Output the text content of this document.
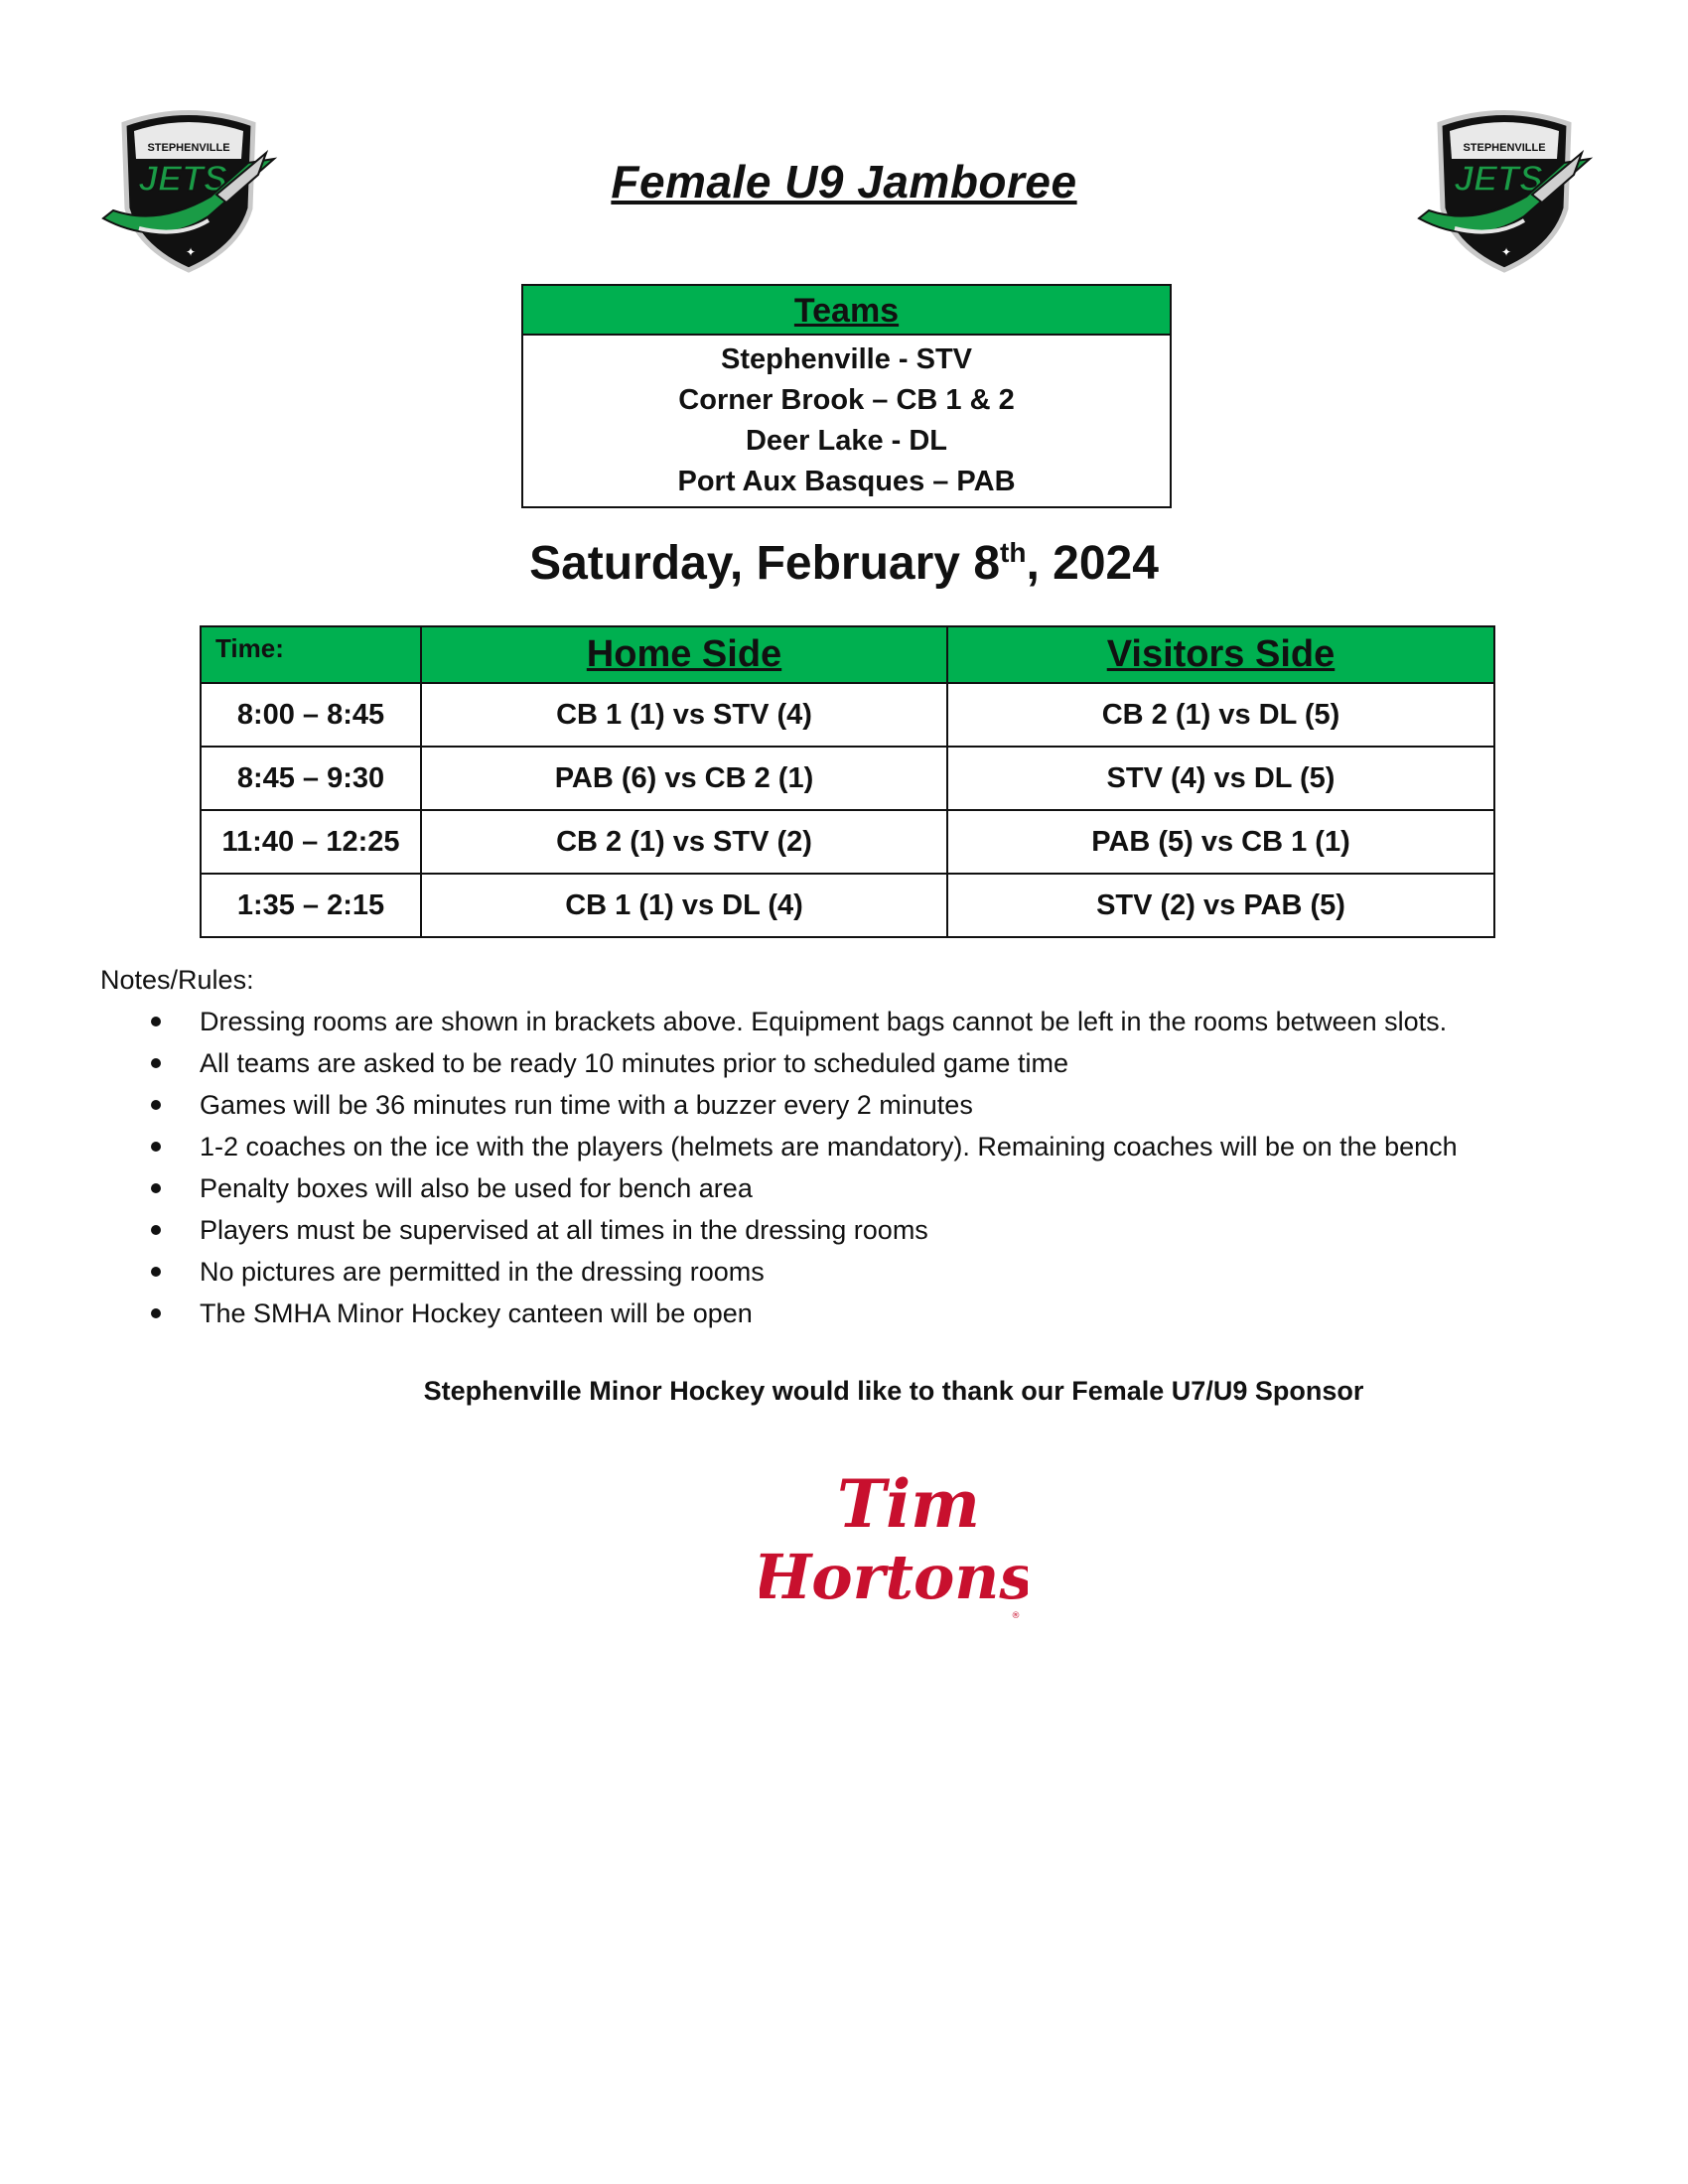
STEPHENVILLE
JETS
✦
STEPHENVILLE
JETS
✦
Female U9 Jamboree
Teams
Stephenville - STV
Corner Brook – CB 1 & 2
Deer Lake - DL
Port Aux Basques – PAB
Saturday, February 8th, 2024
Time:	Home Side	Visitors Side
8:00 – 8:45	CB 1 (1) vs STV (4)	CB 2 (1) vs DL (5)
8:45 – 9:30	PAB (6) vs CB 2 (1)	STV (4) vs DL (5)
11:40 – 12:25	CB 2 (1) vs STV (2)	PAB (5) vs CB 1 (1)
1:35 – 2:15	CB 1 (1) vs DL (4)	STV (2) vs PAB (5)
Notes/Rules:
Dressing rooms are shown in brackets above. Equipment bags cannot be left in the rooms between slots.
All teams are asked to be ready 10 minutes prior to scheduled game time
Games will be 36 minutes run time with a buzzer every 2 minutes
1-2 coaches on the ice with the players (helmets are mandatory). Remaining coaches will be on the bench
Penalty boxes will also be used for bench area
Players must be supervised at all times in the dressing rooms
No pictures are permitted in the dressing rooms
The SMHA Minor Hockey canteen will be open
Stephenville Minor Hockey would like to thank our Female U7/U9 Sponsor
Tim
Hortons
®
